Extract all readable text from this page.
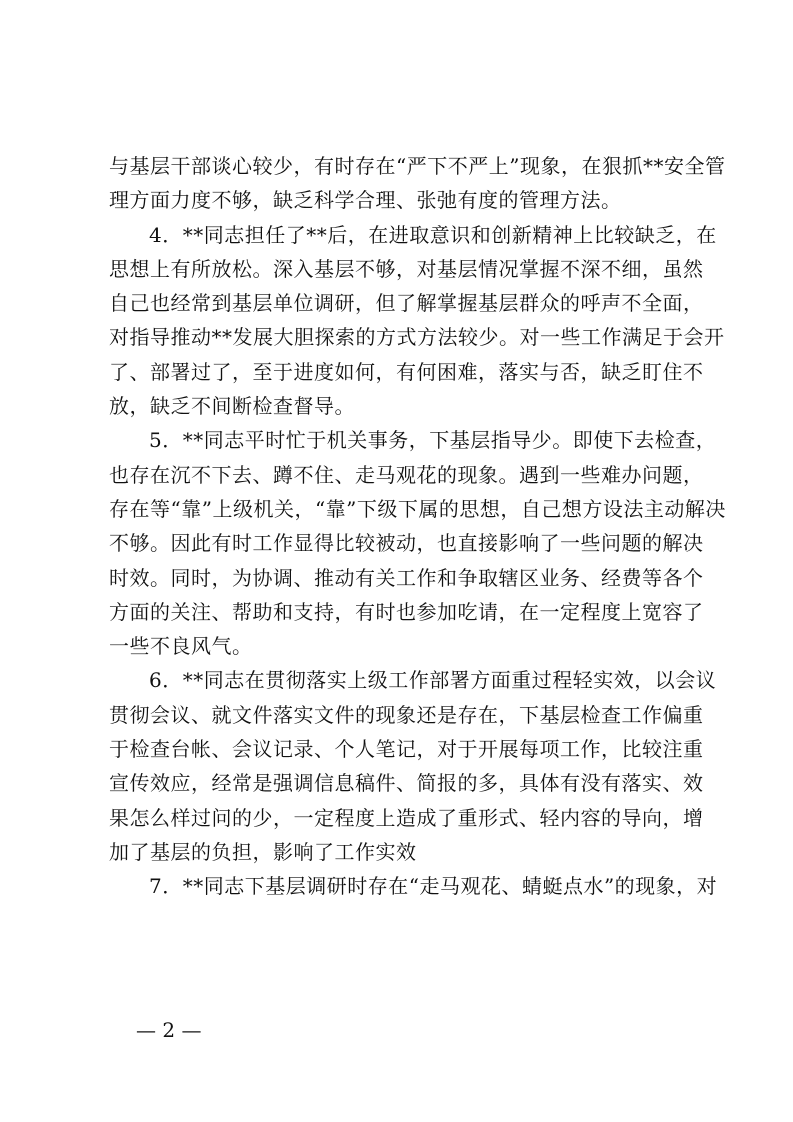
与基层干部谈心较少，有时存在“严下不严上”现象，在狠抓**安全管
理方面力度不够，缺乏科学合理、张弛有度的管理方法。
4．**同志担任了**后，在进取意识和创新精神上比较缺乏，在
思想上有所放松。深入基层不够，对基层情况掌握不深不细，虽然
自己也经常到基层单位调研，但了解掌握基层群众的呼声不全面，
对指导推动**发展大胆探索的方式方法较少。对一些工作满足于会开
了、部署过了，至于进度如何，有何困难，落实与否，缺乏盯住不
放，缺乏不间断检查督导。
5．**同志平时忙于机关事务，下基层指导少。即使下去检查，
也存在沉不下去、蹲不住、走马观花的现象。遇到一些难办问题，
存在等“靠”上级机关，“靠”下级下属的思想，自己想方设法主动解决
不够。因此有时工作显得比较被动，也直接影响了一些问题的解决
时效。同时，为协调、推动有关工作和争取辖区业务、经费等各个
方面的关注、帮助和支持，有时也参加吃请，在一定程度上宽容了
一些不良风气。
6．**同志在贯彻落实上级工作部署方面重过程轻实效，以会议
贯彻会议、就文件落实文件的现象还是存在，下基层检查工作偏重
于检查台帐、会议记录、个人笔记，对于开展每项工作，比较注重
宣传效应，经常是强调信息稿件、简报的多，具体有没有落实、效
果怎么样过问的少，一定程度上造成了重形式、轻内容的导向，增
加了基层的负担，影响了工作实效
7．**同志下基层调研时存在“走马观花、蜻蜓点水”的现象，对
— 2 —
